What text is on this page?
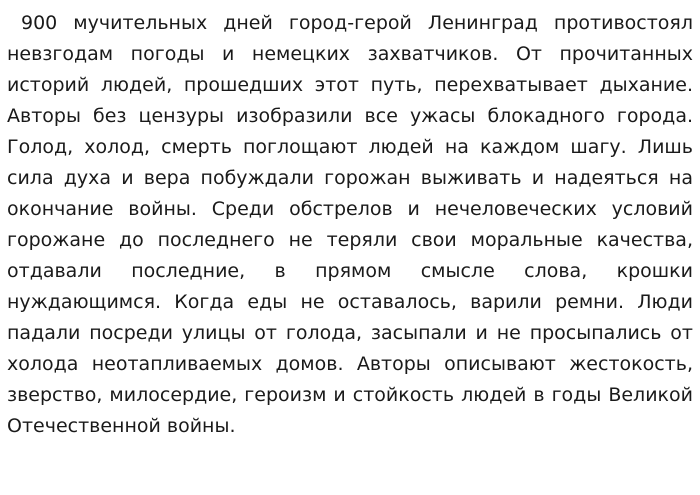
900 мучительных дней город-герой Ленинград противостоял невзгодам погоды и немецких захватчиков. От прочитанных историй людей, прошедших этот путь, перехватывает дыхание. Авторы без цензуры изобразили все ужасы блокадного города. Голод, холод, смерть поглощают людей на каждом шагу. Лишь сила духа и вера побуждали горожан выживать и надеяться на окончание войны. Среди обстрелов и нечеловеческих условий горожане до последнего не теряли свои моральные качества, отдавали последние, в прямом смысле слова, крошки нуждающимся. Когда еды не оставалось, варили ремни. Люди падали посреди улицы от голода, засыпали и не просыпались от холода неотапливаемых домов. Авторы описывают жестокость, зверство, милосердие, героизм и стойкость людей в годы Великой Отечественной войны.
